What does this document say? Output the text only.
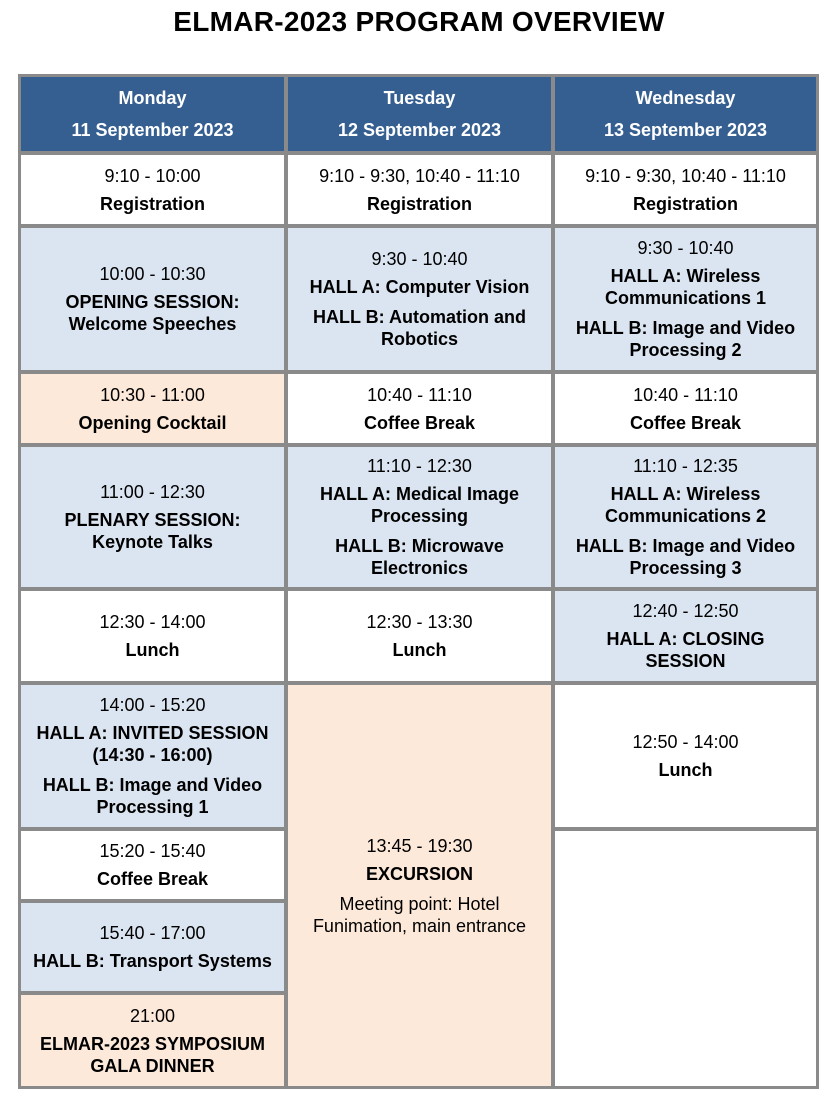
ELMAR-2023 PROGRAM OVERVIEW
Monday
11 September 2023
Tuesday
12 September 2023
Wednesday
13 September 2023
9:10 - 10:00
Registration
10:00 - 10:30
OPENING SESSION: Welcome Speeches
10:30 - 11:00
Opening Cocktail
11:00 - 12:30
PLENARY SESSION: Keynote Talks
12:30 - 14:00
Lunch
14:00 - 15:20
HALL A: INVITED SESSION (14:30 - 16:00)
HALL B: Image and Video Processing 1
15:20 - 15:40
Coffee Break
15:40 - 17:00
HALL B: Transport Systems
21:00
ELMAR-2023 SYMPOSIUM GALA DINNER
9:10 - 9:30, 10:40 - 11:10
Registration
9:30 - 10:40
HALL A: Computer Vision
HALL B: Automation and Robotics
10:40 - 11:10
Coffee Break
11:10 - 12:30
HALL A: Medical Image Processing
HALL B: Microwave Electronics
12:30 - 13:30
Lunch
13:45 - 19:30
EXCURSION
Meeting point: Hotel Funimation, main entrance
9:10 - 9:30, 10:40 - 11:10
Registration
9:30 - 10:40
HALL A: Wireless Communications 1
HALL B: Image and Video Processing 2
10:40 - 11:10
Coffee Break
11:10 - 12:35
HALL A: Wireless Communications 2
HALL B: Image and Video Processing 3
12:40 - 12:50
HALL A: CLOSING SESSION
12:50 - 14:00
Lunch
